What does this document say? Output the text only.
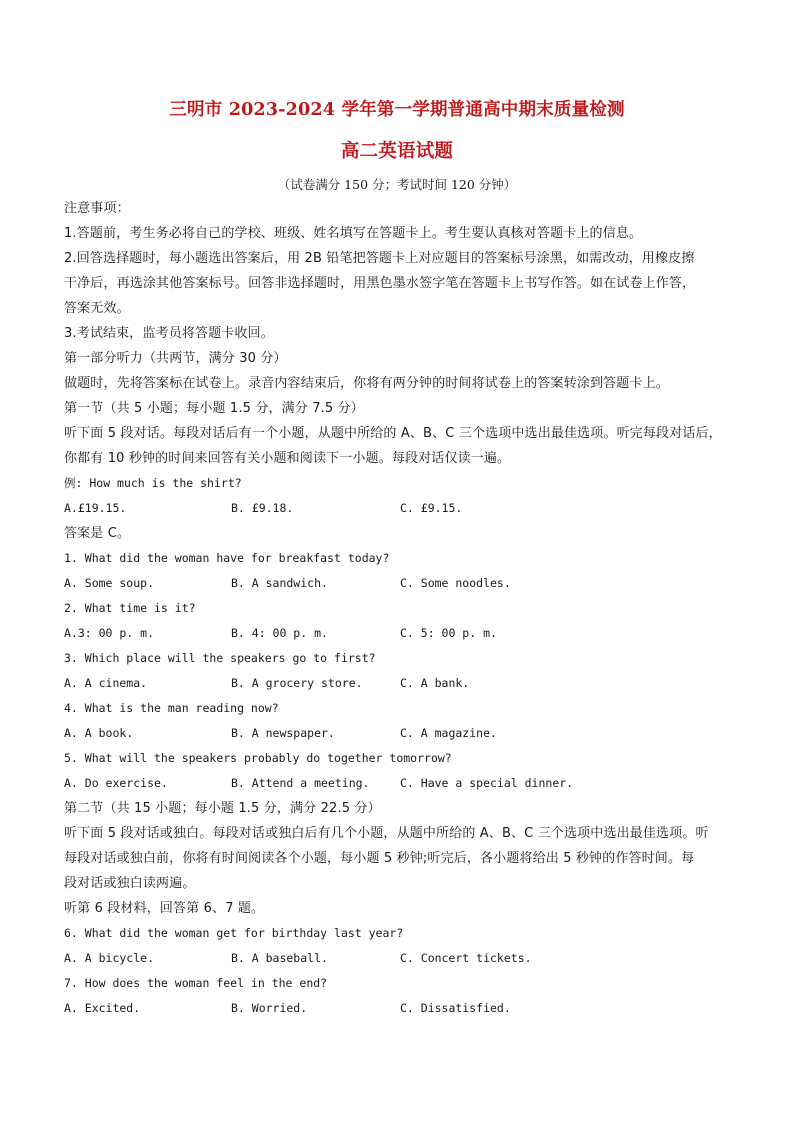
三明市 2023-2024 学年第一学期普通高中期末质量检测
高二英语试题
（试卷满分 150 分；考试时间 120 分钟）
注意事项：
1.答题前，考生务必将自己的学校、班级、姓名填写在答题卡上。考生要认真核对答题卡上的信息。
2.回答选择题时，每小题选出答案后，用 2B 铅笔把答题卡上对应题目的答案标号涂黑，如需改动，用橡皮擦
干净后，再选涂其他答案标号。回答非选择题时，用黑色墨水签字笔在答题卡上书写作答。如在试卷上作答，
答案无效。
3.考试结束，监考员将答题卡收回。
第一部分听力（共两节，满分 30 分）
做题时，先将答案标在试卷上。录音内容结束后，你将有两分钟的时间将试卷上的答案转涂到答题卡上。
第一节（共 5 小题；每小题 1.5 分，满分 7.5 分）
听下面 5 段对话。每段对话后有一个小题，从题中所给的 A、B、C 三个选项中选出最佳选项。听完每段对话后，
你都有 10 秒钟的时间来回答有关小题和阅读下一小题。每段对话仅读一遍。
例: How much is the shirt?
A.£19.15.	B. £9.18.	C. £9.15.
答案是 C。
1. What did the woman have for breakfast today?
A. Some soup.	B. A sandwich.	C. Some noodles.
2. What time is it?
A.3: 00 p. m.	B. 4: 00 p. m.	C. 5: 00 p. m.
3. Which place will the speakers go to first?
A. A cinema.	B. A grocery store.	C. A bank.
4. What is the man reading now?
A. A book.	B. A newspaper.	C. A magazine.
5. What will the speakers probably do together tomorrow?
A. Do exercise.	B. Attend a meeting.	C. Have a special dinner.
第二节（共 15 小题；每小题 1.5 分，满分 22.5 分）
听下面 5 段对话或独白。每段对话或独白后有几个小题，从题中所给的 A、B、C 三个选项中选出最佳选项。听
每段对话或独白前，你将有时间阅读各个小题，每小题 5 秒钟;听完后，各小题将给出 5 秒钟的作答时间。每
段对话或独白读两遍。
听第 6 段材料，回答第 6、7 题。
6. What did the woman get for birthday last year?
A. A bicycle.	B. A baseball.	C. Concert tickets.
7. How does the woman feel in the end?
A. Excited.	B. Worried.	C. Dissatisfied.
